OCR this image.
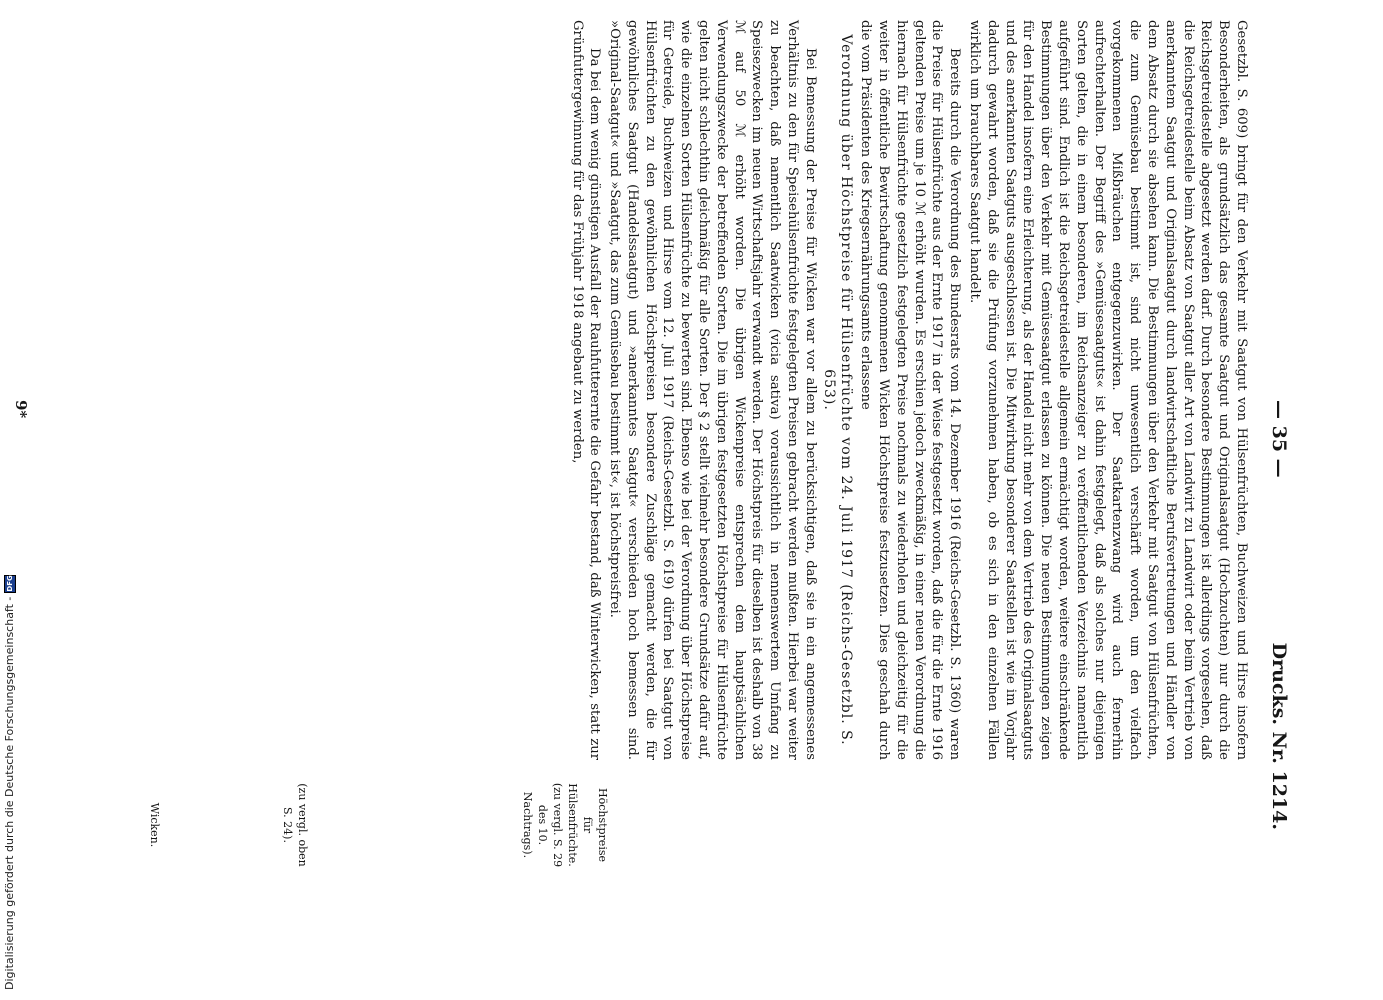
Digitalisierung gefördert durch die Deutsche Forschungsgemeinschaft -
DFG
— 35 —
Drucks. Nr. 1214.

Gesetzbl. S. 609) bringt für den Verkehr mit Saatgut von Hülsenfrüchten, Buchweizen und Hirse insofern Besonderheiten, als grundsätzlich das gesamte Saatgut und Originalsaatgut (Hochzuchten) nur durch die Reichsgetreidestelle abgesetzt werden darf. Durch besondere Bestimmungen ist allerdings vorgesehen, daß die Reichsgetreidestelle beim Absatz von Saatgut aller Art von Landwirt zu Landwirt oder beim Vertrieb von anerkanntem Saatgut und Originalsaatgut durch landwirtschaftliche Berufsvertretungen und Händler von dem Absatz durch sie absehen kann. Die Bestimmungen über den Verkehr mit Saatgut von Hülsenfrüchten, die zum Gemüsebau bestimmt ist, sind nicht unwesentlich verschärft worden, um den vielfach vorgekommenen Mißbräuchen entgegenzuwirken. Der Saatkartenzwang wird auch fernerhin aufrechterhalten. Der Begriff des »Gemüsesaatguts« ist dahin festgelegt, daß als solches nur diejenigen Sorten gelten, die in einem besonderen, im Reichsanzeiger zu veröffentlichenden Verzeichnis namentlich aufgeführt sind. Endlich ist die Reichsgetreidestelle allgemein ermächtigt worden, weitere einschränkende Bestimmungen über den Verkehr mit Gemüsesaatgut erlassen zu können. Die neuen Bestimmungen zeigen für den Handel insofern eine Erleichterung, als der Handel nicht mehr von dem Vertrieb des Originalsaatguts und des anerkannten Saatguts ausgeschlossen ist. Die Mitwirkung besonderer Saatstellen ist wie im Vorjahr dadurch gewahrt worden, daß sie die Prüfung vorzunehmen haben, ob es sich in den einzelnen Fällen wirklich um brauchbares Saatgut handelt.

Bereits durch die Verordnung des Bundesrats vom 14. Dezember 1916 (Reichs-Gesetzbl. S. 1360) waren die Preise für Hülsenfrüchte aus der Ernte 1917 in der Weise festgesetzt worden, daß die für die Ernte 1916 geltenden Preise um je 10 ℳ erhöht wurden. Es erschien jedoch zweckmäßig, in einer neuen Verordnung die hiernach für Hülsenfrüchte gesetzlich festgelegten Preise nochmals zu wiederholen und gleichzeitig für die weiter in öffentliche Bewirtschaftung genommenen Wicken Höchstpreise festzusetzen. Dies geschah durch die vom Präsidenten des Kriegsernährungsamts erlassene

Verordnung über Höchstpreise für Hülsenfrüchte vom 24. Juli 1917 (Reichs-Gesetzbl. S. 653).

Bei Bemessung der Preise für Wicken war vor allem zu berücksichtigen, daß sie in ein angemessenes Verhältnis zu den für Speisehülsenfrüchte festgelegten Preisen gebracht werden mußten. Hierbei war weiter zu beachten, daß namentlich Saatwicken (vicia sativa) voraussichtlich in nennenswertem Umfang zu Speisezwecken im neuen Wirtschaftsjahr verwandt werden. Der Höchstpreis für dieselben ist deshalb von 38 ℳ auf 50 ℳ erhöht worden. Die übrigen Wickenpreise entsprechen dem hauptsächlichen Verwendungszwecke der betreffenden Sorten. Die im übrigen festgesetzten Höchstpreise für Hülsenfrüchte gelten nicht schlechthin gleichmäßig für alle Sorten. Der § 2 stellt vielmehr besondere Grundsätze dafür auf, wie die einzelnen Sorten Hülsenfrüchte zu bewerten sind. Ebenso wie bei der Verordnung über Höchstpreise für Getreide, Buchweizen und Hirse vom 12. Juli 1917 (Reichs-Gesetzbl. S. 619) dürfen bei Saatgut von Hülsenfrüchten zu den gewöhnlichen Höchstpreisen besondere Zuschläge gemacht werden, die für gewöhnliches Saatgut (Handelssaatgut) und »anerkanntes Saatgut« verschieden hoch bemessen sind. »Original-Saatgut« und »Saatgut, das zum Gemüsebau bestimmt ist«, ist höchstpreisfrei.

Da bei dem wenig günstigen Ausfall der Rauhfutterernte die Gefahr bestand, daß Winterwicken, statt zur Grünfuttergewinnung für das Frühjahr 1918 angebaut zu werden,

Höchstpreise für Hülsenfrüchte. (zu vergl. S. 29 des 10. Nachtrags).
(zu vergl. oben S. 24).
Wicken.
9*
